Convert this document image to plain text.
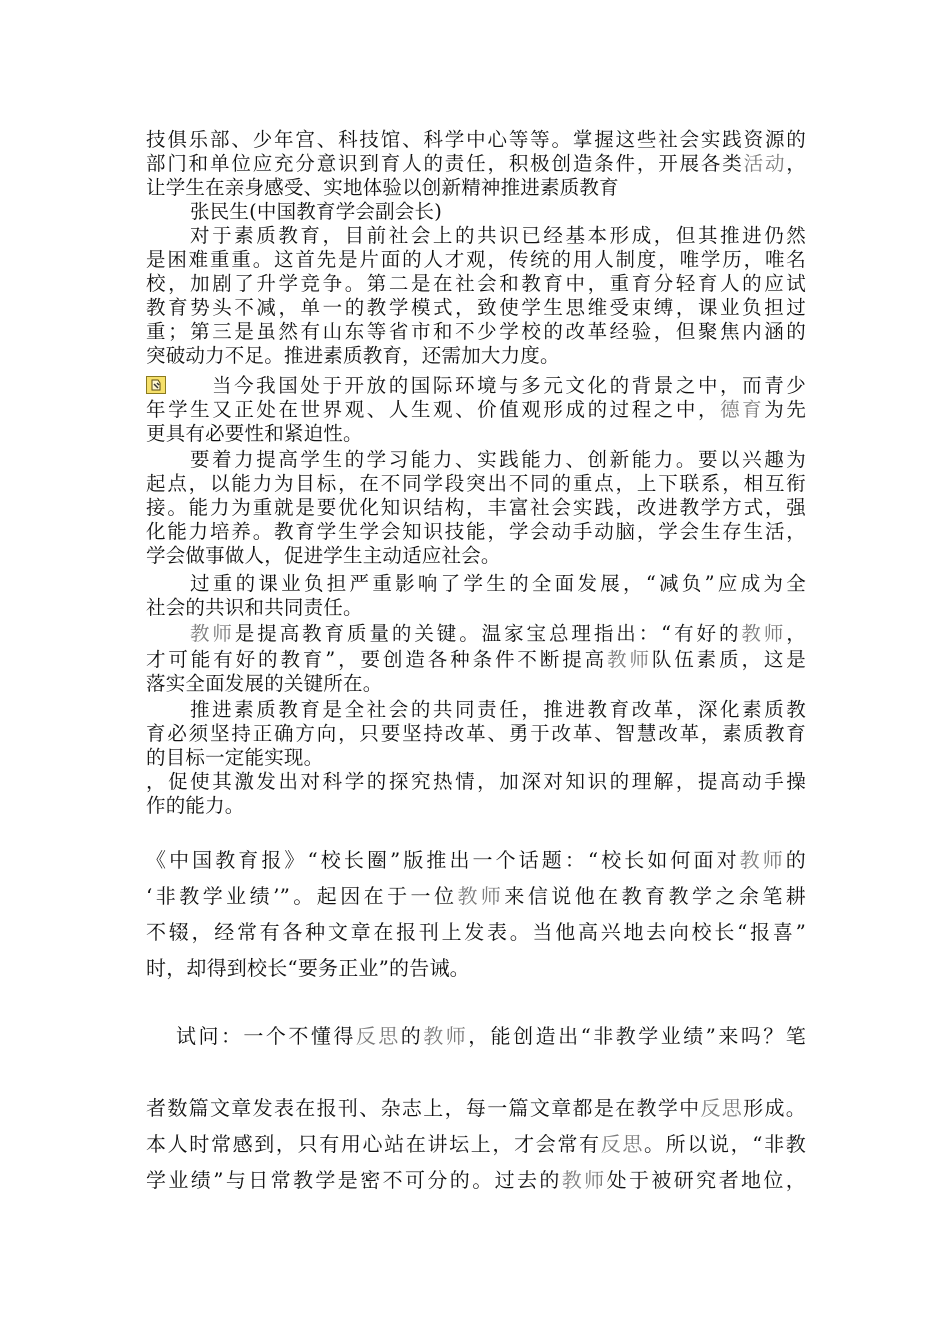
技俱乐部、少年宫、科技馆、科学中心等等。掌握这些社会实践资源的
部门和单位应充分意识到育人的责任，积极创造条件，开展各类活动，
让学生在亲身感受、实地体验以创新精神推进素质教育
张民生(中国教育学会副会长)
对于素质教育，目前社会上的共识已经基本形成，但其推进仍然
是困难重重。这首先是片面的人才观，传统的用人制度，唯学历，唯名
校，加剧了升学竞争。第二是在社会和教育中，重育分轻育人的应试
教育势头不减，单一的教学模式，致使学生思维受束缚，课业负担过
重；第三是虽然有山东等省市和不少学校的改革经验，但聚焦内涵的
突破动力不足。推进素质教育，还需加大力度。
当今我国处于开放的国际环境与多元文化的背景之中，而青少
年学生又正处在世界观、人生观、价值观形成的过程之中，德育为先
更具有必要性和紧迫性。
要着力提高学生的学习能力、实践能力、创新能力。要以兴趣为
起点，以能力为目标，在不同学段突出不同的重点，上下联系，相互衔
接。能力为重就是要优化知识结构，丰富社会实践，改进教学方式，强
化能力培养。教育学生学会知识技能，学会动手动脑，学会生存生活，
学会做事做人，促进学生主动适应社会。
过重的课业负担严重影响了学生的全面发展，“减负”应成为全
社会的共识和共同责任。
教师是提高教育质量的关键。温家宝总理指出：“有好的教师，
才可能有好的教育”，要创造各种条件不断提高教师队伍素质，这是
落实全面发展的关键所在。
推进素质教育是全社会的共同责任，推进教育改革，深化素质教
育必须坚持正确方向，只要坚持改革、勇于改革、智慧改革，素质教育
的目标一定能实现。
，促使其激发出对科学的探究热情，加深对知识的理解，提高动手操
作的能力。
《中国教育报》“校长圈”版推出一个话题：“校长如何面对教师的
‘非教学业绩’”。起因在于一位教师来信说他在教育教学之余笔耕
不辍，经常有各种文章在报刊上发表。当他高兴地去向校长“报喜”
时，却得到校长“要务正业”的告诫。
试问：一个不懂得反思的教师，能创造出“非教学业绩”来吗？笔
者数篇文章发表在报刊、杂志上，每一篇文章都是在教学中反思形成。
本人时常感到，只有用心站在讲坛上，才会常有反思。所以说，“非教
学业绩”与日常教学是密不可分的。过去的教师处于被研究者地位，
